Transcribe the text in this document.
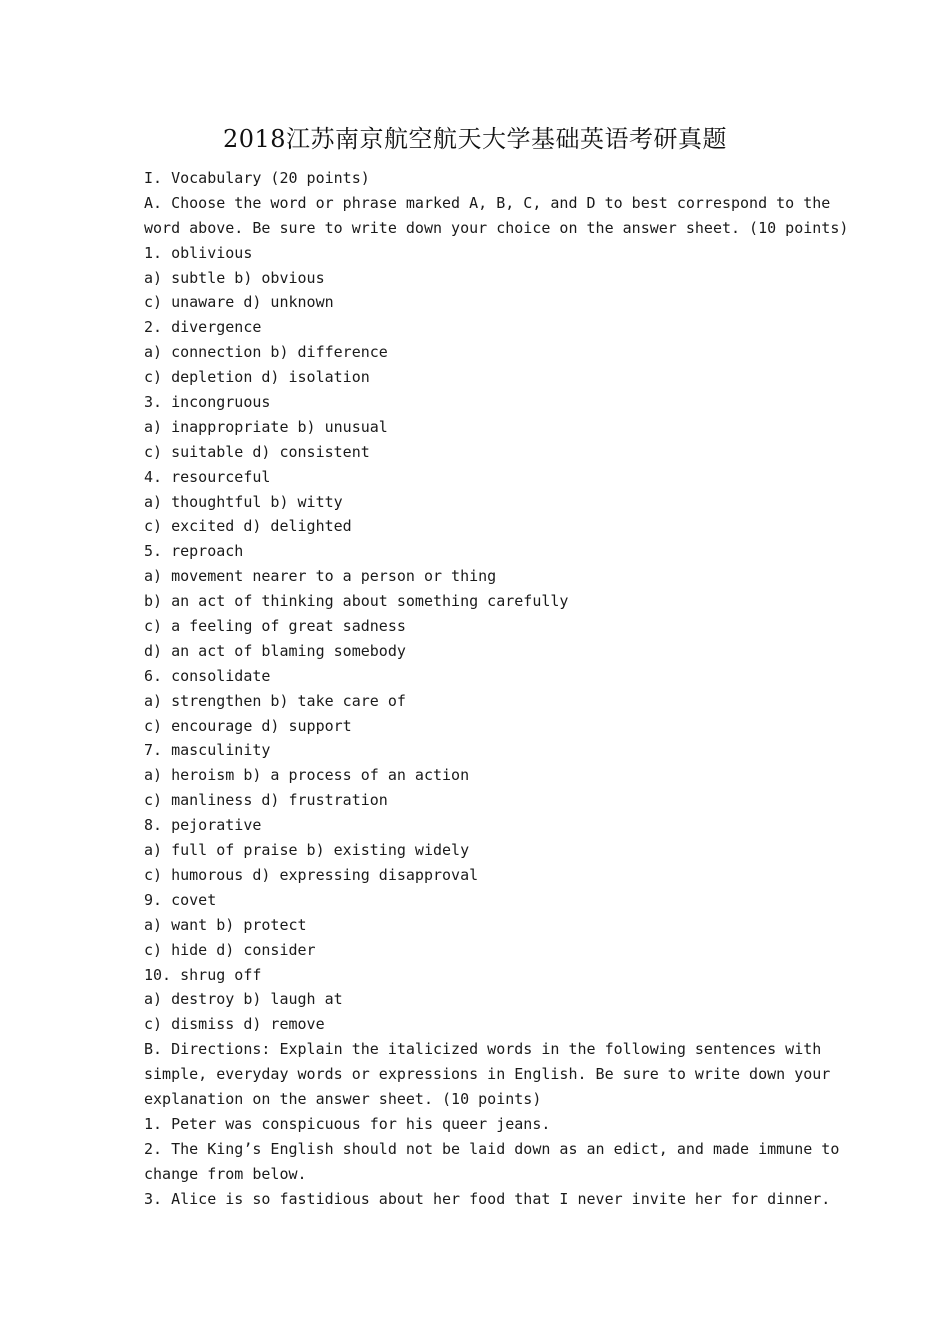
2018江苏南京航空航天大学基础英语考研真题
I. Vocabulary (20 points)
A. Choose the word or phrase marked A, B, C, and D to best correspond to the
word above. Be sure to write down your choice on the answer sheet. (10 points)
1. oblivious
a) subtle b) obvious
c) unaware d) unknown
2. divergence
a) connection b) difference
c) depletion d) isolation
3. incongruous
a) inappropriate b) unusual
c) suitable d) consistent
4. resourceful
a) thoughtful b) witty
c) excited d) delighted
5. reproach
a) movement nearer to a person or thing
b) an act of thinking about something carefully
c) a feeling of great sadness
d) an act of blaming somebody
6. consolidate
a) strengthen b) take care of
c) encourage d) support
7. masculinity
a) heroism b) a process of an action
c) manliness d) frustration
8. pejorative
a) full of praise b) existing widely
c) humorous d) expressing disapproval
9. covet
a) want b) protect
c) hide d) consider
10. shrug off
a) destroy b) laugh at
c) dismiss d) remove
B. Directions: Explain the italicized words in the following sentences with
simple, everyday words or expressions in English. Be sure to write down your
explanation on the answer sheet. (10 points)
1. Peter was conspicuous for his queer jeans.
2. The King’s English should not be laid down as an edict, and made immune to
change from below.
3. Alice is so fastidious about her food that I never invite her for dinner.
